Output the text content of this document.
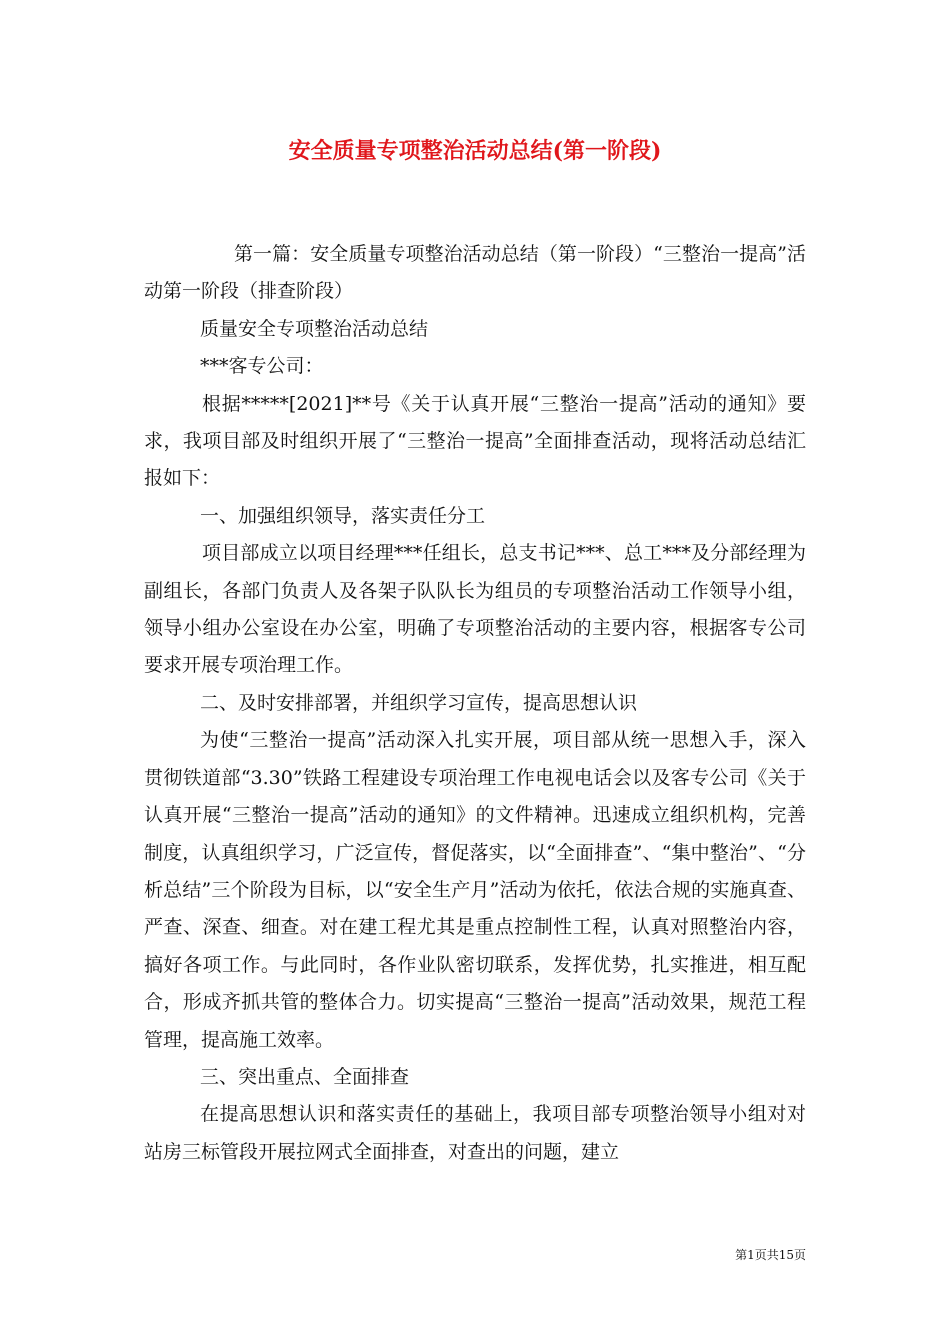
安全质量专项整治活动总结(第一阶段)

第一篇：安全质量专项整治活动总结（第一阶段）“三整治一提高”活动第一阶段（排查阶段）

质量安全专项整治活动总结

***客专公司：

根据*****[2021]**号《关于认真开展“三整治一提高”活动的通知》要求，我项目部及时组织开展了“三整治一提高”全面排查活动，现将活动总结汇报如下：

一、加强组织领导，落实责任分工

项目部成立以项目经理***任组长，总支书记***、总工***及分部经理为副组长，各部门负责人及各架子队队长为组员的专项整治活动工作领导小组，领导小组办公室设在办公室，明确了专项整治活动的主要内容，根据客专公司要求开展专项治理工作。

二、及时安排部署，并组织学习宣传，提高思想认识

为使“三整治一提高”活动深入扎实开展，项目部从统一思想入手，深入贯彻铁道部“3.30”铁路工程建设专项治理工作电视电话会以及客专公司《关于认真开展“三整治一提高”活动的通知》的文件精神。迅速成立组织机构，完善制度，认真组织学习，广泛宣传，督促落实，以“全面排查”、“集中整治”、“分析总结”三个阶段为目标，以“安全生产月”活动为依托，依法合规的实施真查、严查、深查、细查。对在建工程尤其是重点控制性工程，认真对照整治内容，搞好各项工作。与此同时，各作业队密切联系，发挥优势，扎实推进，相互配合，形成齐抓共管的整体合力。切实提高“三整治一提高”活动效果，规范工程管理，提高施工效率。

三、突出重点、全面排查

在提高思想认识和落实责任的基础上，我项目部专项整治领导小组对对站房三标管段开展拉网式全面排查，对查出的问题，建立

第1页共15页
